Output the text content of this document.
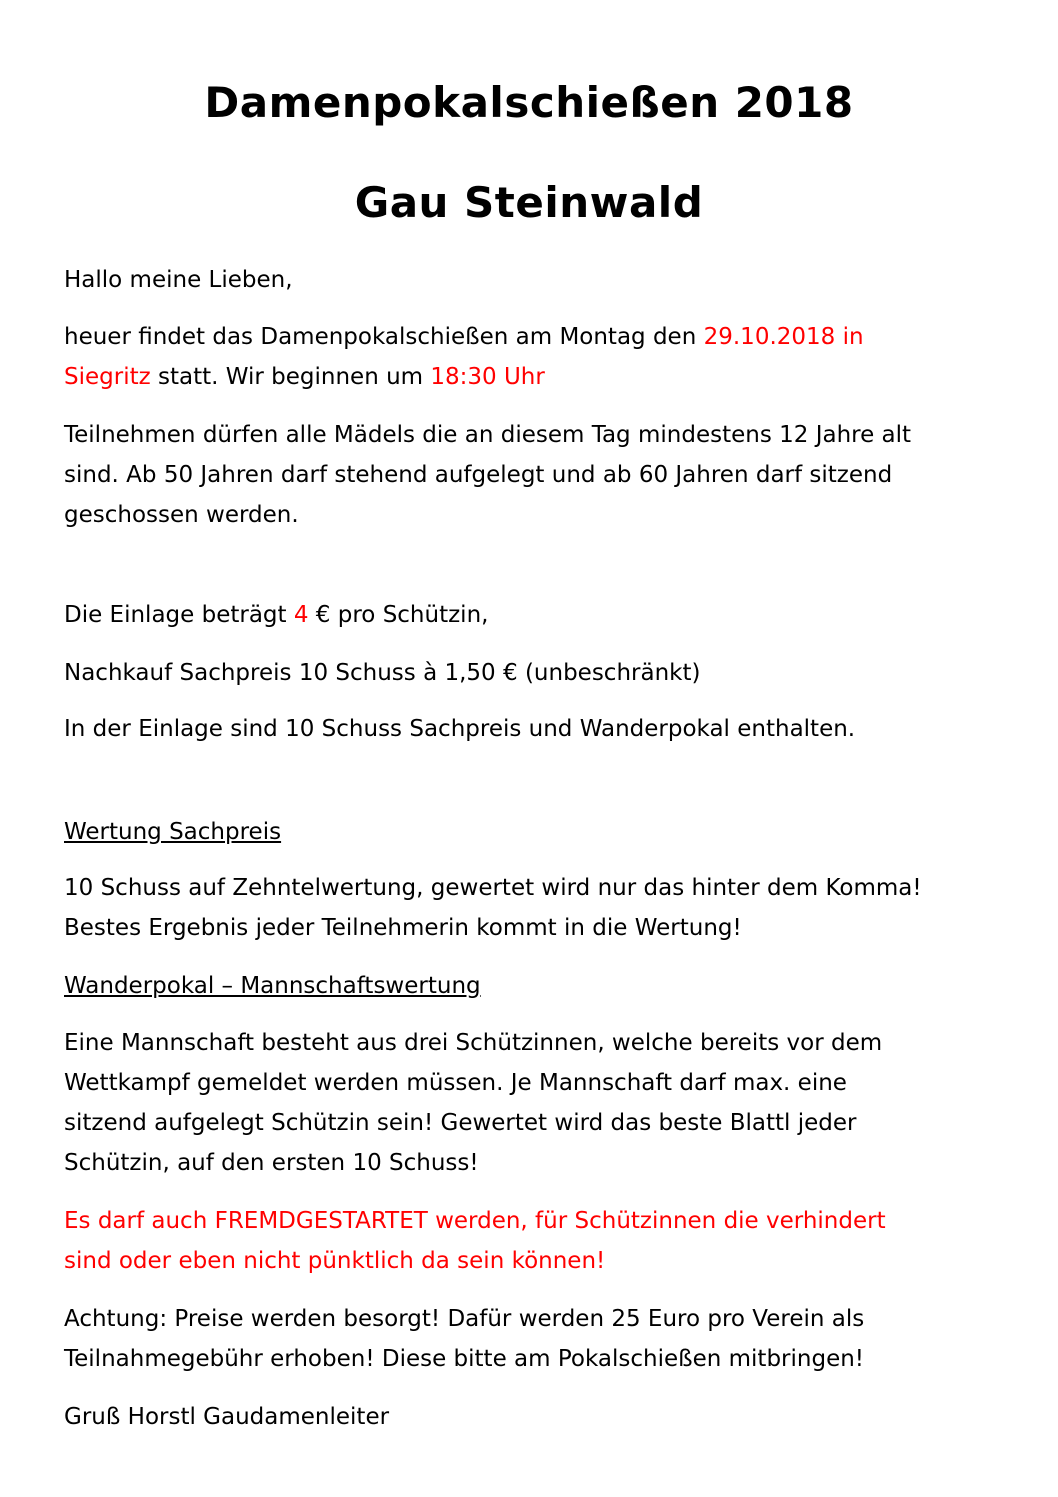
Damenpokalschießen 2018
Gau Steinwald

Hallo meine Lieben,

heuer findet das Damenpokalschießen am Montag den 29.10.2018 in

Siegritz statt. Wir beginnen um 18:30 Uhr

Teilnehmen dürfen alle Mädels die an diesem Tag mindestens 12 Jahre alt

sind. Ab 50 Jahren darf stehend aufgelegt und ab 60 Jahren darf sitzend

geschossen werden.

Die Einlage beträgt 4 € pro Schützin,

Nachkauf Sachpreis 10 Schuss à 1,50 € (unbeschränkt)

In der Einlage sind 10 Schuss Sachpreis und Wanderpokal enthalten.

Wertung Sachpreis

10 Schuss auf Zehntelwertung, gewertet wird nur das hinter dem Komma!

Bestes Ergebnis jeder Teilnehmerin kommt in die Wertung!

Wanderpokal – Mannschaftswertung

Eine Mannschaft besteht aus drei Schützinnen, welche bereits vor dem

Wettkampf gemeldet werden müssen. Je Mannschaft darf max. eine

sitzend aufgelegt Schützin sein! Gewertet wird das beste Blattl jeder

Schützin, auf den ersten 10 Schuss!

Es darf auch FREMDGESTARTET werden, für Schützinnen die verhindert

sind oder eben nicht pünktlich da sein können!

Achtung: Preise werden besorgt! Dafür werden 25 Euro pro Verein als

Teilnahmegebühr erhoben! Diese bitte am Pokalschießen mitbringen!

Gruß Horstl Gaudamenleiter
